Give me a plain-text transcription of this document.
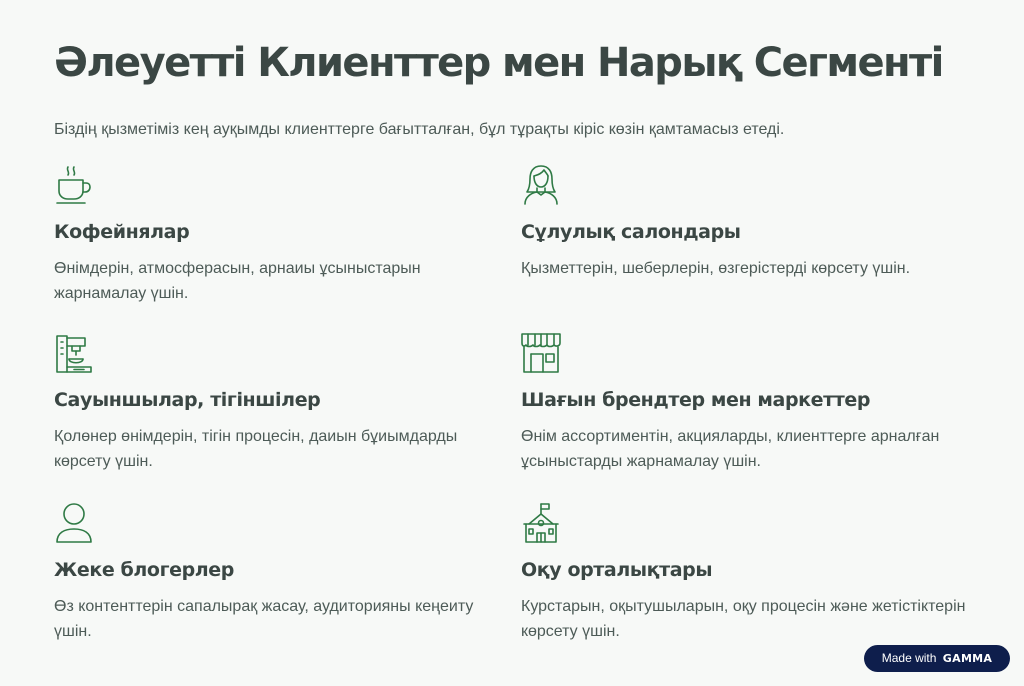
Әлеуетті Клиенттер мен Нарық Сегменті

Біздің қызметіміз кең ауқымды клиенттерге бағытталған, бұл тұрақты кіріс көзін қамтамасыз етеді.

Кофейнялар

Өнімдерін, атмосферасын, арнаиы ұсыныстарын жарнамалау үшін.

Сұлулық салондары

Қызметтерін, шеберлерін, өзгерістерді көрсету үшін.

Сауыншылар, тігіншілер

Қолөнер өнімдерін, тігін процесін, даиын бұиымдарды көрсету үшін.

Шағын брендтер мен маркеттер

Өнім ассортиментін, акцияларды, клиенттерге арналған ұсыныстарды жарнамалау үшін.

Жеке блогерлер

Өз контенттерін сапалырақ жасау, аудиторияны кеңеиту үшін.

Оқу орталықтары

Курстарын, оқытушыларын, оқу процесін және жетістіктерін көрсету үшін.

Made with GAMMA
